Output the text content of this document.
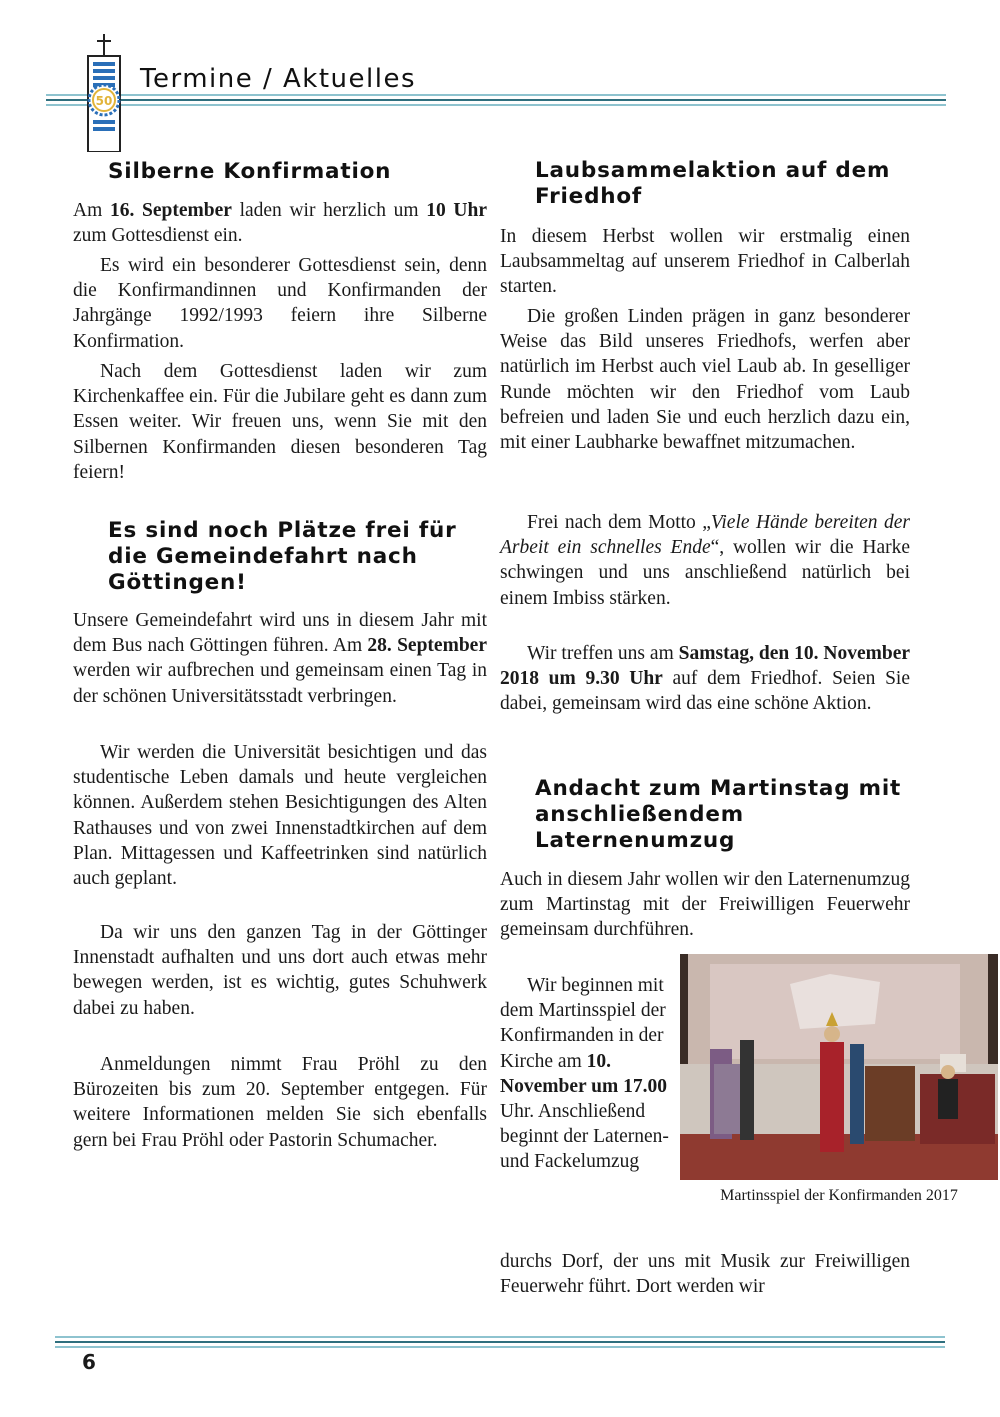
50
Termine / Aktuelles
Silberne Konfirmation

Am 16. September laden wir herzlich um 10 Uhr zum Gottesdienst ein.

Es wird ein besonderer Gottesdienst sein, denn die Konfirmandinnen und Konfirmanden der Jahrgänge 1992/1993 feiern ihre Silberne Konfirmation.

Nach dem Gottesdienst laden wir zum Kirchenkaffee ein. Für die Jubilare geht es dann zum Essen weiter. Wir freuen uns, wenn Sie mit den Silbernen Konfirmanden diesen besonderen Tag feiern!

Es sind noch Plätze frei für die Gemeindefahrt nach Göttingen!

Unsere Gemeindefahrt wird uns in diesem Jahr mit dem Bus nach Göttingen führen. Am 28. September werden wir aufbrechen und gemeinsam einen Tag in der schönen Universitätsstadt verbringen.

Wir werden die Universität besichtigen und das studentische Leben damals und heute vergleichen können. Außerdem stehen Besichtigungen des Alten Rathauses und von zwei Innenstadtkirchen auf dem Plan. Mittagessen und Kaffeetrinken sind natürlich auch geplant.

Da wir uns den ganzen Tag in der Göttinger Innenstadt aufhalten und uns dort auch etwas mehr bewegen werden, ist es wichtig, gutes Schuhwerk dabei zu haben.

Anmeldungen nimmt Frau Pröhl zu den Bürozeiten bis zum 20. September entgegen. Für weitere Informationen melden Sie sich ebenfalls gern bei Frau Pröhl oder Pastorin Schumacher.

Laubsammelaktion auf dem Friedhof

In diesem Herbst wollen wir erstmalig einen Laubsammeltag auf unserem Friedhof in Calberlah starten.

Die großen Linden prägen in ganz besonderer Weise das Bild unseres Friedhofs, werfen aber natürlich im Herbst auch viel Laub ab. In geselliger Runde möchten wir den Friedhof vom Laub befreien und laden Sie und euch herzlich dazu ein, mit einer Laubharke bewaffnet mitzumachen.

Frei nach dem Motto „Viele Hände bereiten der Arbeit ein schnelles Ende“, wollen wir die Harke schwingen und uns anschließend natürlich bei einem Imbiss stärken.

Wir treffen uns am Samstag, den 10. November 2018 um 9.30 Uhr auf dem Friedhof. Seien Sie dabei, gemeinsam wird das eine schöne Aktion.

Andacht zum Martinstag mit anschließendem Laternenumzug

Auch in diesem Jahr wollen wir den Laternenumzug zum Martinstag mit der Freiwilligen Feuerwehr gemeinsam durchführen.

Wir beginnen mit dem Martinsspiel der Konfirmanden in der Kirche am 10. November um 17.00 Uhr. Anschließend beginnt der Laternen- und Fackelumzug

durchs Dorf, der uns mit Musik zur Freiwilligen Feuerwehr führt. Dort werden wir

Martinsspiel der Konfirmanden 2017
6
